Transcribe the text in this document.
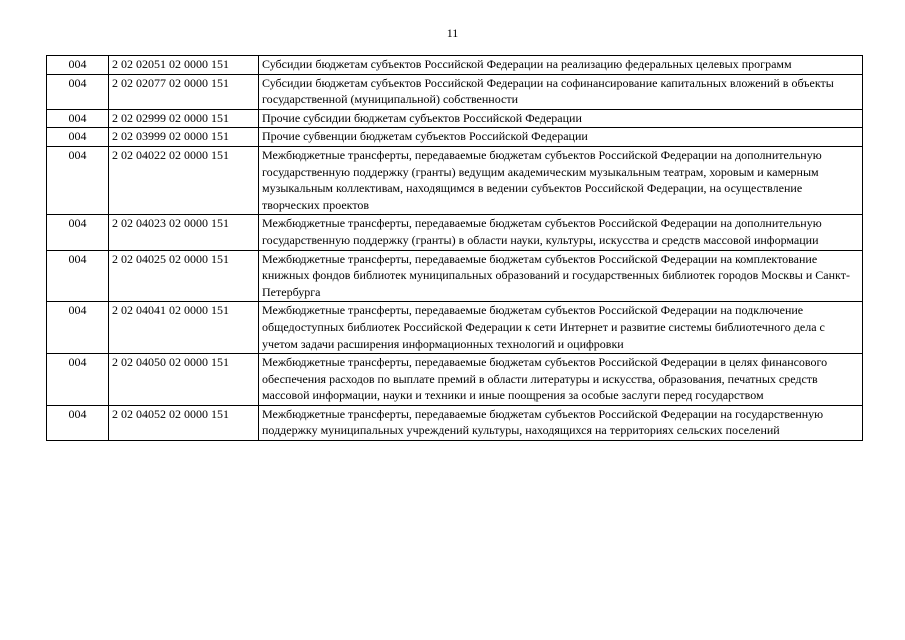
11
004	2 02 02051 02 0000 151	Субсидии бюджетам субъектов Российской Федерации на реализацию федеральных целевых программ
004	2 02 02077 02 0000 151	Субсидии бюджетам субъектов Российской Федерации на софинансирование капитальных вложений в объекты государственной (муниципальной) собственности
004	2 02 02999 02 0000 151	Прочие субсидии бюджетам субъектов Российской Федерации
004	2 02 03999 02 0000 151	Прочие субвенции бюджетам субъектов Российской Федерации
004	2 02 04022 02 0000 151	Межбюджетные трансферты, передаваемые бюджетам субъектов Российской Федерации на дополнительную государственную поддержку (гранты) ведущим академическим музыкальным театрам, хоровым и камерным музыкальным коллективам, находящимся в ведении субъектов Российской Федерации, на осуществление творческих проектов
004	2 02 04023 02 0000 151	Межбюджетные трансферты, передаваемые бюджетам субъектов Российской Федерации на дополнительную государственную поддержку (гранты) в области науки, культуры, искусства и средств массовой информации
004	2 02 04025 02 0000 151	Межбюджетные трансферты, передаваемые бюджетам субъектов Российской Федерации на комплектование книжных фондов библиотек муниципальных образований и государственных библиотек городов Москвы и Санкт-Петербурга
004	2 02 04041 02 0000 151	Межбюджетные трансферты, передаваемые бюджетам субъектов Российской Федерации на подключение общедоступных библиотек Российской Федерации к сети Интернет и развитие системы библиотечного дела с учетом задачи расширения информационных технологий и оцифровки
004	2 02 04050 02 0000 151	Межбюджетные трансферты, передаваемые бюджетам субъектов Российской Федерации в целях финансового обеспечения расходов по выплате премий в области литературы и искусства, образования, печатных средств массовой информации, науки и техники и иные поощрения за особые заслуги перед государством
004	2 02 04052 02 0000 151	Межбюджетные трансферты, передаваемые бюджетам субъектов Российской Федерации на государственную поддержку муниципальных учреждений культуры, находящихся на территориях сельских поселений
